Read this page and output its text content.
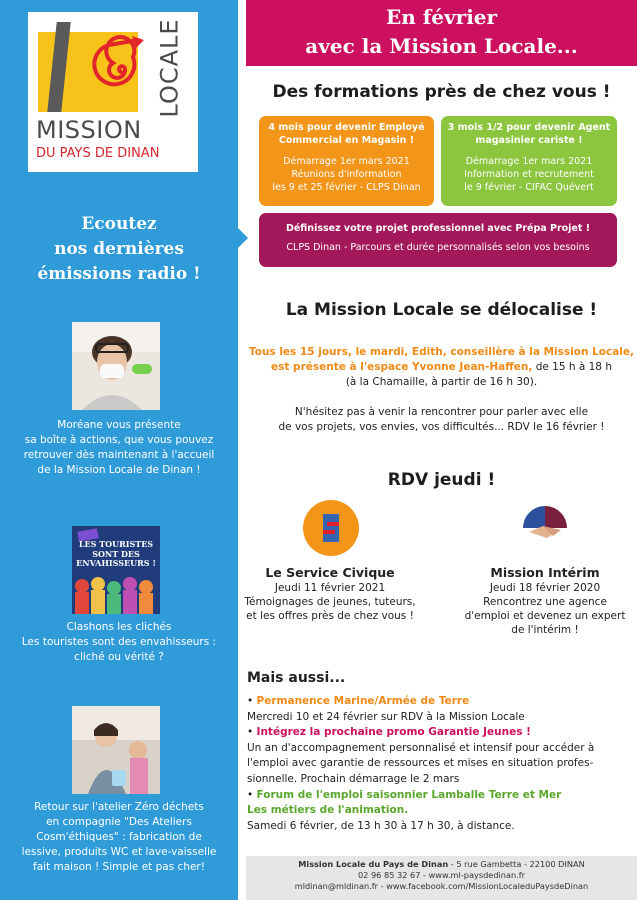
LOCALE
MISSION
DU PAYS DE DINAN
Ecoutez
nos dernières
émissions radio !
Moréane vous présente
sa boîte à actions, que vous pouvez
retrouver dès maintenant à l'accueil
de la Mission Locale de Dinan !
LES TOURISTES
SONT DES
ENVAHISSEURS !
Clashons les clichés
Les touristes sont des envahisseurs :
cliché ou vérité ?
Retour sur l'atelier Zéro déchets
en compagnie "Des Ateliers
Cosm'éthiques" : fabrication de
lessive, produits WC et lave-vaisselle
fait maison ! Simple et pas cher!
En février
avec la Mission Locale...
Des formations près de chez vous !
4 mois pour devenir Employé
Commercial en Magasin !
Démarrage 1er mars 2021
Réunions d'information
les 9 et 25 février - CLPS Dinan
3 mois 1/2 pour devenir Agent
magasinier cariste !
Démarrage 1er mars 2021
Information et recrutement
le 9 février - CIFAC Quévert
Définissez votre projet professionnel avec Prépa Projet !
CLPS Dinan - Parcours et durée personnalisés selon vos besoins
La Mission Locale se délocalise !
Tous les 15 jours, le mardi, Edith, conseillère à la Mission Locale,
est présente à l'espace Yvonne Jean-Haffen, de 15 h à 18 h
(à la Chamaille, à partir de 16 h 30).
N'hésitez pas à venir la rencontrer pour parler avec elle
de vos projets, vos envies, vos difficultés... RDV le 16 février !
RDV jeudi !
Le Service Civique
Jeudi 11 février 2021
Témoignages de jeunes, tuteurs,
et les offres près de chez vous !
Mission Intérim
Jeudi 18 février 2020
Rencontrez une agence
d'emploi et devenez un expert
de l'intérim !
Mais aussi...
• Permanence Marine/Armée de Terre
Mercredi 10 et 24 février sur RDV à la Mission Locale
• Intégrez la prochaine promo Garantie Jeunes !
Un an d'accompagnement personnalisé et intensif pour accéder à
l'emploi avec garantie de ressources et mises en situation profes-
sionnelle. Prochain démarrage le 2 mars
• Forum de l'emploi saisonnier Lamballe Terre et Mer
Les métiers de l'animation.
Samedi 6 février, de 13 h 30 à 17 h 30, à distance.
Mission Locale du Pays de Dinan - 5 rue Gambetta - 22100 DINAN
02 96 85 32 67 - www.ml-paysdedinan.fr
mldinan@mldinan.fr - www.facebook.com/MissionLocaleduPaysdeDinan
